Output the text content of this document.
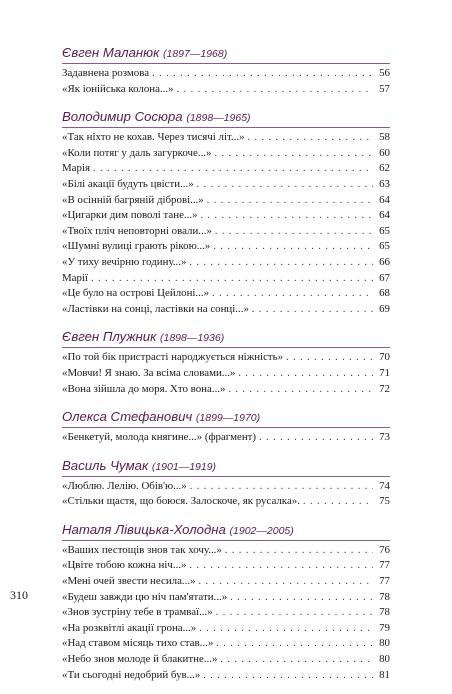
Євген Маланюк (1897—1968)
Задавнена розмова . . .	56
«Як іонійська колона...» . . .	57
Володимир Сосюра (1898—1965)
«Так ніхто не кохав. Через тисячі літ...» . . .	58
«Коли потяг у даль загуркоче...» . . .	60
Марія . . .	62
«Білі акації будуть цвісти...» . . .	63
«В осінній багряній діброві...» . . .	64
«Цигарки дим поволі тане...» . . .	64
«Твоїх пліч неповторні овали...» . . .	65
«Шумні вулиці грають рікою...» . . .	65
«У тиху вечірню годину...» . . .	66
Марії . . .	67
«Це було на острові Цейлоні...» . . .	68
«Ластівки на сонці, ластівки на сонці...» . . .	69
Євген Плужник (1898—1936)
«По той бік пристрасті народжується ніжність» . . .	70
«Мовчи! Я знаю. За всіма словами...» . . .	71
«Вона зійшла до моря. Хто вона...» . . .	72
Олекса Стефанович (1899—1970)
«Бенкетуй, молода княгине...» (фрагмент) . . .	73
Василь Чумак (1901—1919)
«Люблю. Лелію. Обів'ю...» . . .	74
«Стільки щастя, що боюся. Залоскоче, як русалка». . . .	75
Наталя Лівицька-Холодна (1902—2005)
«Ваших пестощів знов так хочу...» . . .	76
«Цвіте тобою кожна ніч...» . . .	77
«Мені очей звести несила...» . . .	77
«Будеш завжди цю ніч пам'ятати...» . . .	78
«Знов зустріну тебе в трамваї...» . . .	78
«На розквітлі акації грона...» . . .	79
«Над ставом місяць тихо став...» . . .	80
«Небо знов молоде й блакитне...» . . .	80
«Ти сьогодні недобрий був...» . . .	81
310
